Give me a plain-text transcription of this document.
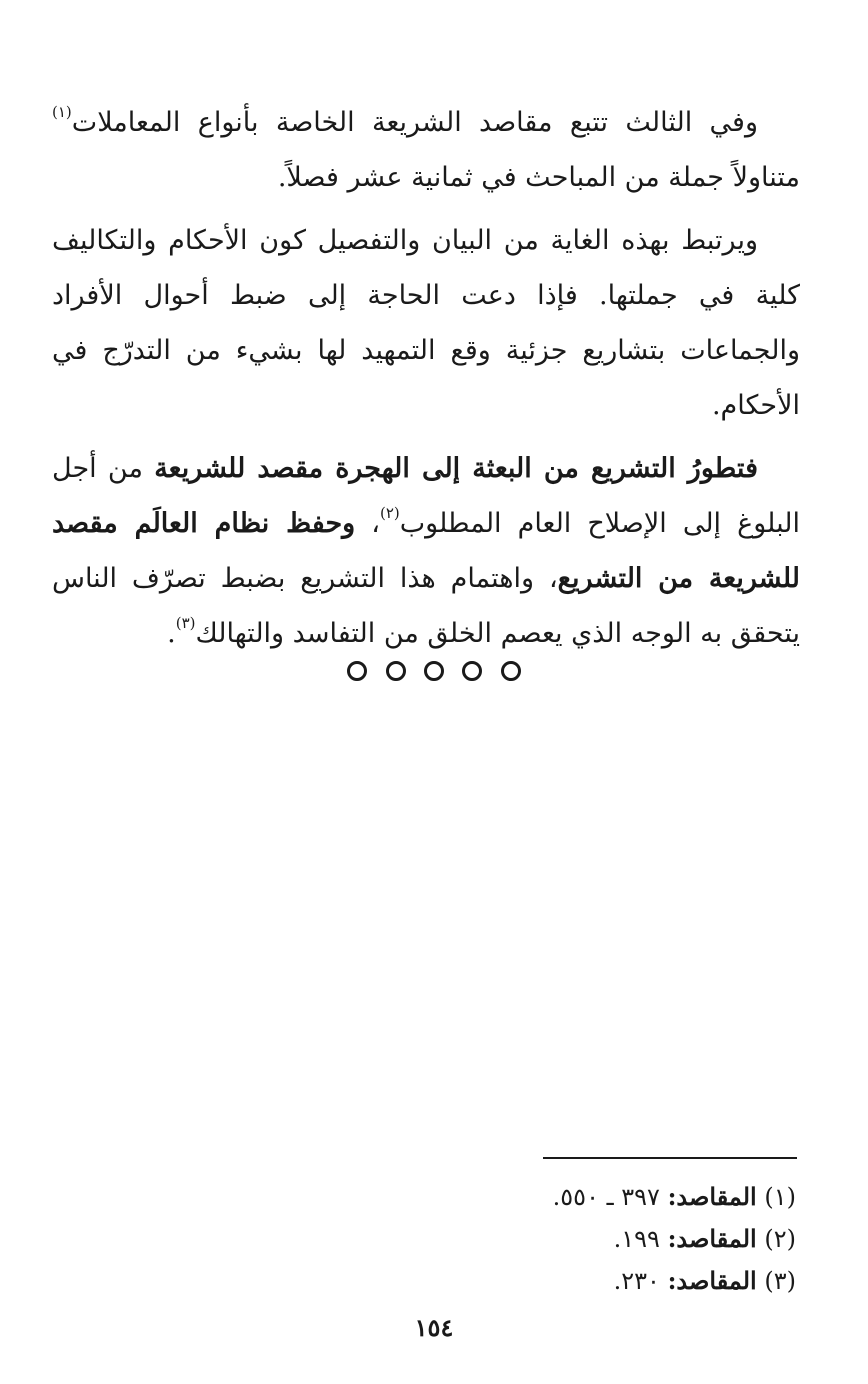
وفي الثالث تتبع مقاصد الشريعة الخاصة بأنواع المعاملات$^{(١)}$ متناولاً جملة من المباحث في ثمانية عشر فصلاً.

ويرتبط بهذه الغاية من البيان والتفصيل كون الأحكام والتكاليف كلية في جملتها. فإذا دعت الحاجة إلى ضبط أحوال الأفراد والجماعات بتشاريع جزئية وقع التمهيد لها بشيء من التدرّج في الأحكام.

فتطورُ التشريع من البعثة إلى الهجرة مقصد للشريعة من أجل البلوغ إلى الإصلاح العام المطلوب$^{(٢)}$، وحفظ نظام العالَم مقصد للشريعة من التشريع، واهتمام هذا التشريع بضبط تصرّف الناس يتحقق به الوجه الذي يعصم الخلق من التفاسد والتهالك$^{(٣)}$.

(١) المقاصد: ٣٩٧ ـ ٥٥٠.
(٢) المقاصد: ١٩٩.
(٣) المقاصد: ٢٣٠.
١٥٤
